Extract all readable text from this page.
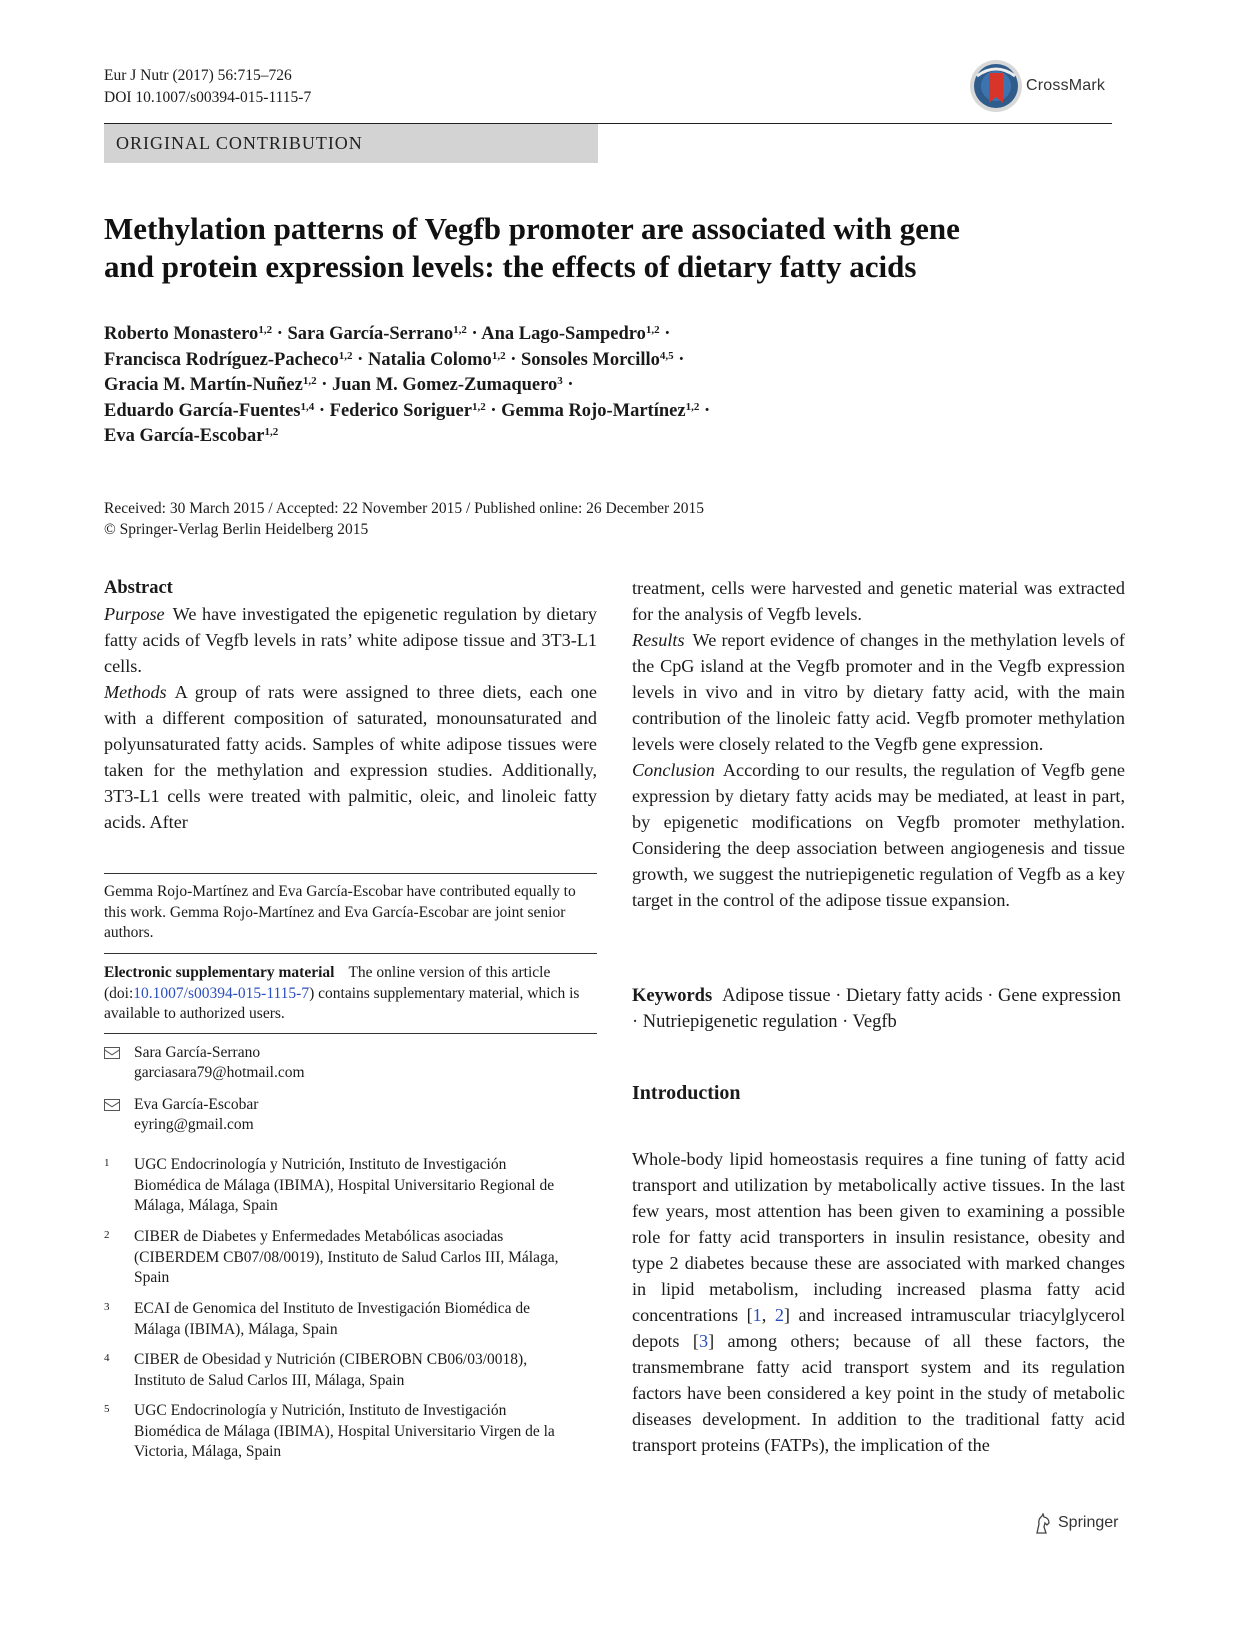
Eur J Nutr (2017) 56:715–726
DOI 10.1007/s00394-015-1115-7
CrossMark
ORIGINAL CONTRIBUTION
Methylation patterns of Vegfb promoter are associated with gene
and protein expression levels: the effects of dietary fatty acids
Roberto Monastero$^{1,2}$ · Sara García-Serrano$^{1,2}$ · Ana Lago-Sampedro$^{1,2}$ ·
Francisca Rodríguez-Pacheco$^{1,2}$ · Natalia Colomo$^{1,2}$ · Sonsoles Morcillo$^{4,5}$ ·
Gracia M. Martín-Nuñez$^{1,2}$ · Juan M. Gomez-Zumaquero$^3$ ·
Eduardo García-Fuentes$^{1,4}$ · Federico Soriguer$^{1,2}$ · Gemma Rojo-Martínez$^{1,2}$ ·
Eva García-Escobar$^{1,2}$
Received: 30 March 2015 / Accepted: 22 November 2015 / Published online: 26 December 2015
© Springer-Verlag Berlin Heidelberg 2015
Abstract
Purpose We have investigated the epigenetic regulation by dietary fatty acids of Vegfb levels in rats’ white adipose tissue and 3T3-L1 cells.
Methods A group of rats were assigned to three diets, each one with a different composition of saturated, monounsaturated and polyunsaturated fatty acids. Samples of white adipose tissues were taken for the methylation and expression studies. Additionally, 3T3-L1 cells were treated with palmitic, oleic, and linoleic fatty acids. After
Gemma Rojo-Martínez and Eva García-Escobar have contributed equally to this work. Gemma Rojo-Martínez and Eva García-Escobar are joint senior authors.
Electronic supplementary material The online version of this article (doi:10.1007/s00394-015-1115-7) contains supplementary material, which is available to authorized users.
Sara García-Serrano
garciasara79@hotmail.com
Eva García-Escobar
eyring@gmail.com
1 UGC Endocrinología y Nutrición, Instituto de Investigación Biomédica de Málaga (IBIMA), Hospital Universitario Regional de Málaga, Málaga, Spain
2 CIBER de Diabetes y Enfermedades Metabólicas asociadas (CIBERDEM CB07/08/0019), Instituto de Salud Carlos III, Málaga, Spain
3 ECAI de Genomica del Instituto de Investigación Biomédica de Málaga (IBIMA), Málaga, Spain
4 CIBER de Obesidad y Nutrición (CIBEROBN CB06/03/0018), Instituto de Salud Carlos III, Málaga, Spain
5 UGC Endocrinología y Nutrición, Instituto de Investigación Biomédica de Málaga (IBIMA), Hospital Universitario Virgen de la Victoria, Málaga, Spain
treatment, cells were harvested and genetic material was extracted for the analysis of Vegfb levels.
Results We report evidence of changes in the methylation levels of the CpG island at the Vegfb promoter and in the Vegfb expression levels in vivo and in vitro by dietary fatty acid, with the main contribution of the linoleic fatty acid. Vegfb promoter methylation levels were closely related to the Vegfb gene expression.
Conclusion According to our results, the regulation of Vegfb gene expression by dietary fatty acids may be mediated, at least in part, by epigenetic modifications on Vegfb promoter methylation. Considering the deep association between angiogenesis and tissue growth, we suggest the nutriepigenetic regulation of Vegfb as a key target in the control of the adipose tissue expansion.
Keywords Adipose tissue · Dietary fatty acids · Gene expression · Nutriepigenetic regulation · Vegfb
Introduction
Whole-body lipid homeostasis requires a fine tuning of fatty acid transport and utilization by metabolically active tissues. In the last few years, most attention has been given to examining a possible role for fatty acid transporters in insulin resistance, obesity and type 2 diabetes because these are associated with marked changes in lipid metabolism, including increased plasma fatty acid concentrations [1, 2] and increased intramuscular triacylglycerol depots [3] among others; because of all these factors, the transmembrane fatty acid transport system and its regulation factors have been considered a key point in the study of metabolic diseases development. In addition to the traditional fatty acid transport proteins (FATPs), the implication of the
Springer
